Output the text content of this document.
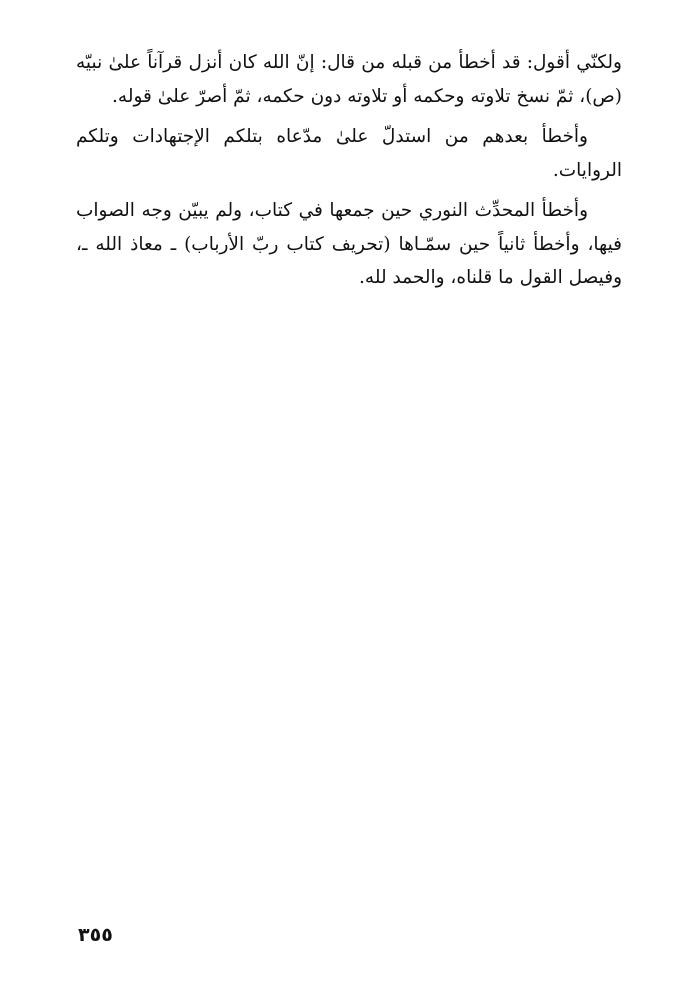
ولكنّي أقول: قد أخطأ من قبله من قال: إنّ الله كان أنزل قرآناً علىٰ نبيّه (ص)، ثمّ نسخ تلاوته وحكمه أو تلاوته دون حكمه، ثمّ أصرّ علىٰ قوله.

وأخطأ بعدهم من استدلّ علىٰ مدّعاه بتلكم الإجتهادات وتلكم الروايات.

وأخطأ المحدِّث النوري حين جمعها في كتاب، ولم يبيّن وجه الصواب فيها، وأخطأ ثانياً حين سمّـاها (تحريف كتاب ربّ الأرباب) ـ معاذ الله ـ، وفيصل القول ما قلناه، والحمد لله.

٣٥٥
